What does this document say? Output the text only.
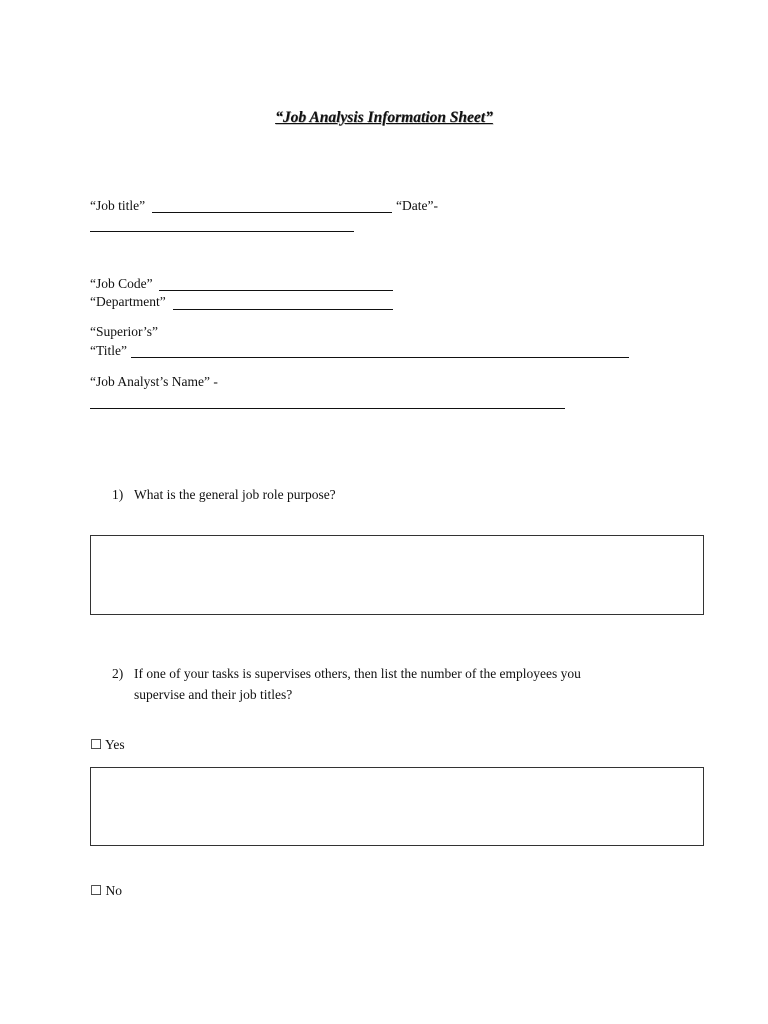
“Job Analysis Information Sheet”
“Job title”	“Date”-
“Job Code”
“Department”
“Superior’s”
“Title”
“Job Analyst’s Name” -
1) What is the general job role purpose?
2) If one of your tasks is supervises others, then list the number of the employees you
supervise and their job titles?
☐ Yes
☐ No
